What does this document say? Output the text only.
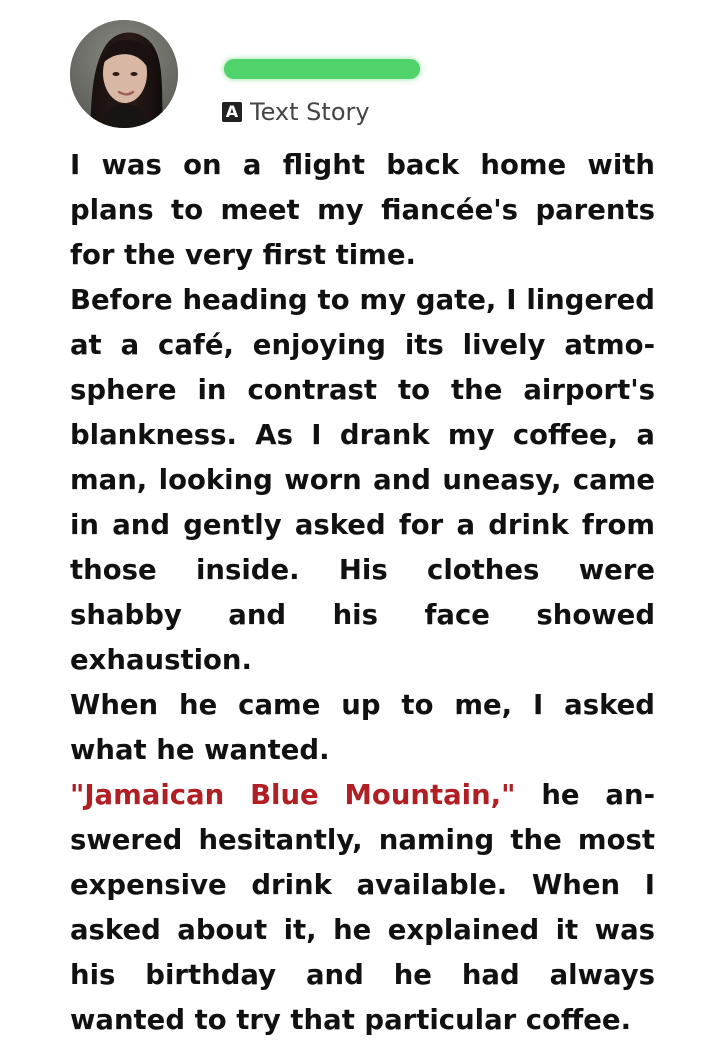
A Text Story

I was on a flight back home with plans to meet my fiancée's parents for the very first time.

Before heading to my gate, I lingered at a café, enjoying its lively atmosphere in contrast to the airport's blankness. As I drank my coffee, a man, looking worn and uneasy, came in and gently asked for a drink from those inside. His clothes were shabby and his face showed exhaustion.

When he came up to me, I asked what he wanted.

"Jamaican Blue Mountain," he answered hesitantly, naming the most expensive drink available. When I asked about it, he explained it was his birthday and he had always wanted to try that particular coffee.
